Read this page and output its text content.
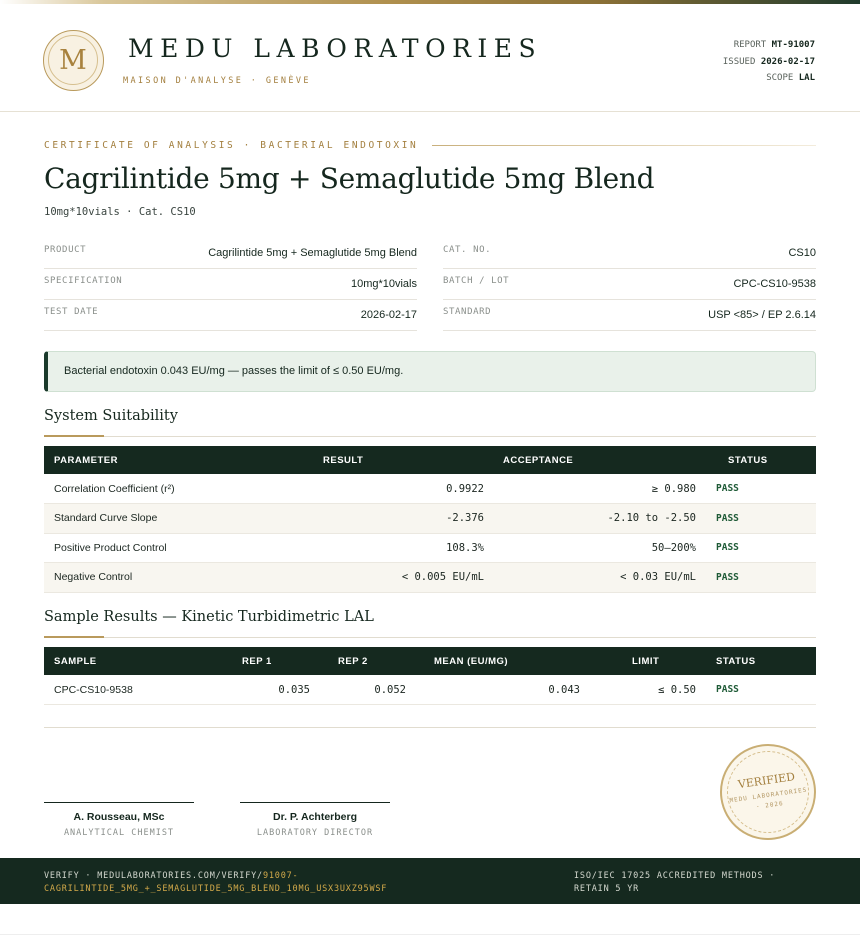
M	MEDU LABORATORIES
MAISON D'ANALYSE · GENÈVE
REPORT MT-91007
ISSUED 2026-02-17
SCOPE LAL
CERTIFICATE OF ANALYSIS · BACTERIAL ENDOTOXIN
Cagrilintide 5mg + Semaglutide 5mg Blend
10mg*10vials · Cat. CS10
PRODUCT	Cagrilintide 5mg + Semaglutide 5mg Blend
SPECIFICATION	10mg*10vials
TEST DATE	2026-02-17
CAT. NO.	CS10
BATCH / LOT	CPC-CS10-9538
STANDARD	USP <85> / EP 2.6.14
Bacterial endotoxin 0.043 EU/mg — passes the limit of ≤ 0.50 EU/mg.
System Suitability
PARAMETER	RESULT	ACCEPTANCE	STATUS
Correlation Coefficient (r²)	0.9922	≥ 0.980	PASS
Standard Curve Slope	-2.376	-2.10 to -2.50	PASS
Positive Product Control	108.3%	50–200%	PASS
Negative Control	< 0.005 EU/mL	< 0.03 EU/mL	PASS
Sample Results — Kinetic Turbidimetric LAL
SAMPLE	REP 1	REP 2	MEAN (EU/MG)	LIMIT	STATUS
CPC-CS10-9538	0.035	0.052	0.043	≤ 0.50	PASS
A. Rousseau, MSc
ANALYTICAL CHEMIST
Dr. P. Achterberg
LABORATORY DIRECTOR
VERIFIED
MEDU LABORATORIES · 2026
VERIFY · MEDULABORATORIES.COM/VERIFY/91007-CAGRILINTIDE_5MG_+_SEMAGLUTIDE_5MG_BLEND_10MG_USX3UXZ95WSF
ISO/IEC 17025 ACCREDITED METHODS · RETAIN 5 YR
